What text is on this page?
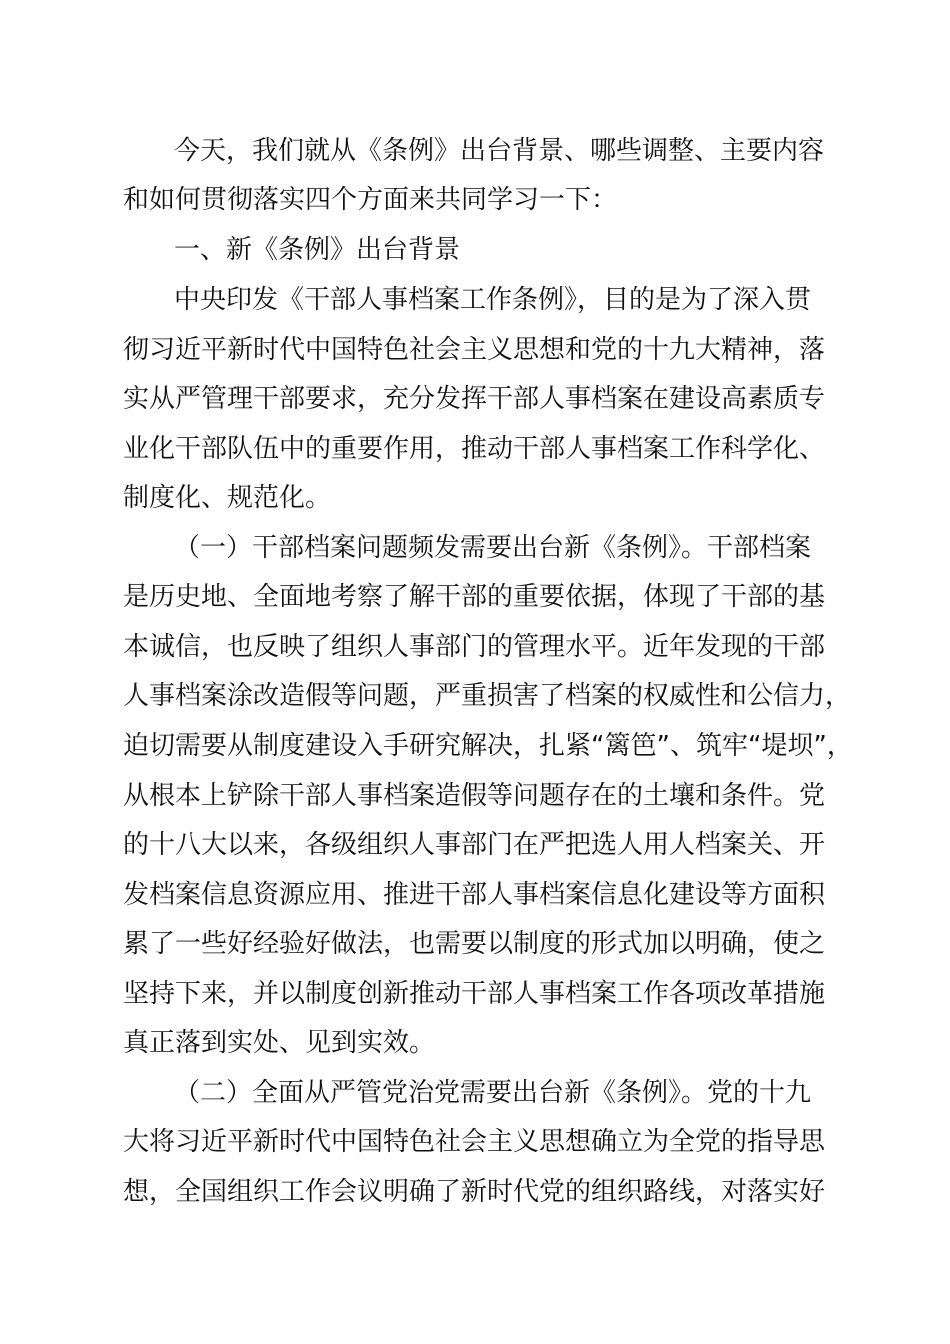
今天，我们就从《条例》出台背景、哪些调整、主要内容

和如何贯彻落实四个方面来共同学习一下：

一、新《条例》出台背景

中央印发《干部人事档案工作条例》，目的是为了深入贯

彻习近平新时代中国特色社会主义思想和党的十九大精神，落

实从严管理干部要求，充分发挥干部人事档案在建设高素质专

业化干部队伍中的重要作用，推动干部人事档案工作科学化、

制度化、规范化。

（一）干部档案问题频发需要出台新《条例》。干部档案

是历史地、全面地考察了解干部的重要依据，体现了干部的基

本诚信，也反映了组织人事部门的管理水平。近年发现的干部

人事档案涂改造假等问题，严重损害了档案的权威性和公信力，

迫切需要从制度建设入手研究解决，扎紧“篱笆”、筑牢“堤坝”，

从根本上铲除干部人事档案造假等问题存在的土壤和条件。党

的十八大以来，各级组织人事部门在严把选人用人档案关、开

发档案信息资源应用、推进干部人事档案信息化建设等方面积

累了一些好经验好做法，也需要以制度的形式加以明确，使之

坚持下来，并以制度创新推动干部人事档案工作各项改革措施

真正落到实处、见到实效。

（二）全面从严管党治党需要出台新《条例》。党的十九

大将习近平新时代中国特色社会主义思想确立为全党的指导思

想，全国组织工作会议明确了新时代党的组织路线，对落实好
